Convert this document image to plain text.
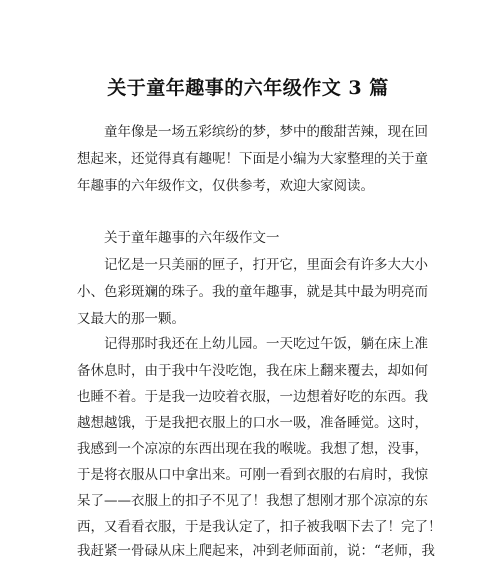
关于童年趣事的六年级作文 3 篇

童年像是一场五彩缤纷的梦，梦中的酸甜苦辣，现在回

想起来，还觉得真有趣呢！下面是小编为大家整理的关于童

年趣事的六年级作文，仅供参考，欢迎大家阅读。

关于童年趣事的六年级作文一

记忆是一只美丽的匣子，打开它，里面会有许多大大小

小、色彩斑斓的珠子。我的童年趣事，就是其中最为明亮而

又最大的那一颗。

记得那时我还在上幼儿园。一天吃过午饭，躺在床上准

备休息时，由于我中午没吃饱，我在床上翻来覆去，却如何

也睡不着。于是我一边咬着衣服，一边想着好吃的东西。我

越想越饿，于是我把衣服上的口水一吸，准备睡觉。这时，

我感到一个凉凉的东西出现在我的喉咙。我想了想，没事，

于是将衣服从口中拿出来。可刚一看到衣服的右肩时，我惊

呆了——衣服上的扣子不见了！我想了想刚才那个凉凉的东

西，又看看衣服，于是我认定了，扣子被我咽下去了！完了！

我赶紧一骨碌从床上爬起来，冲到老师面前，说：“老师，我
